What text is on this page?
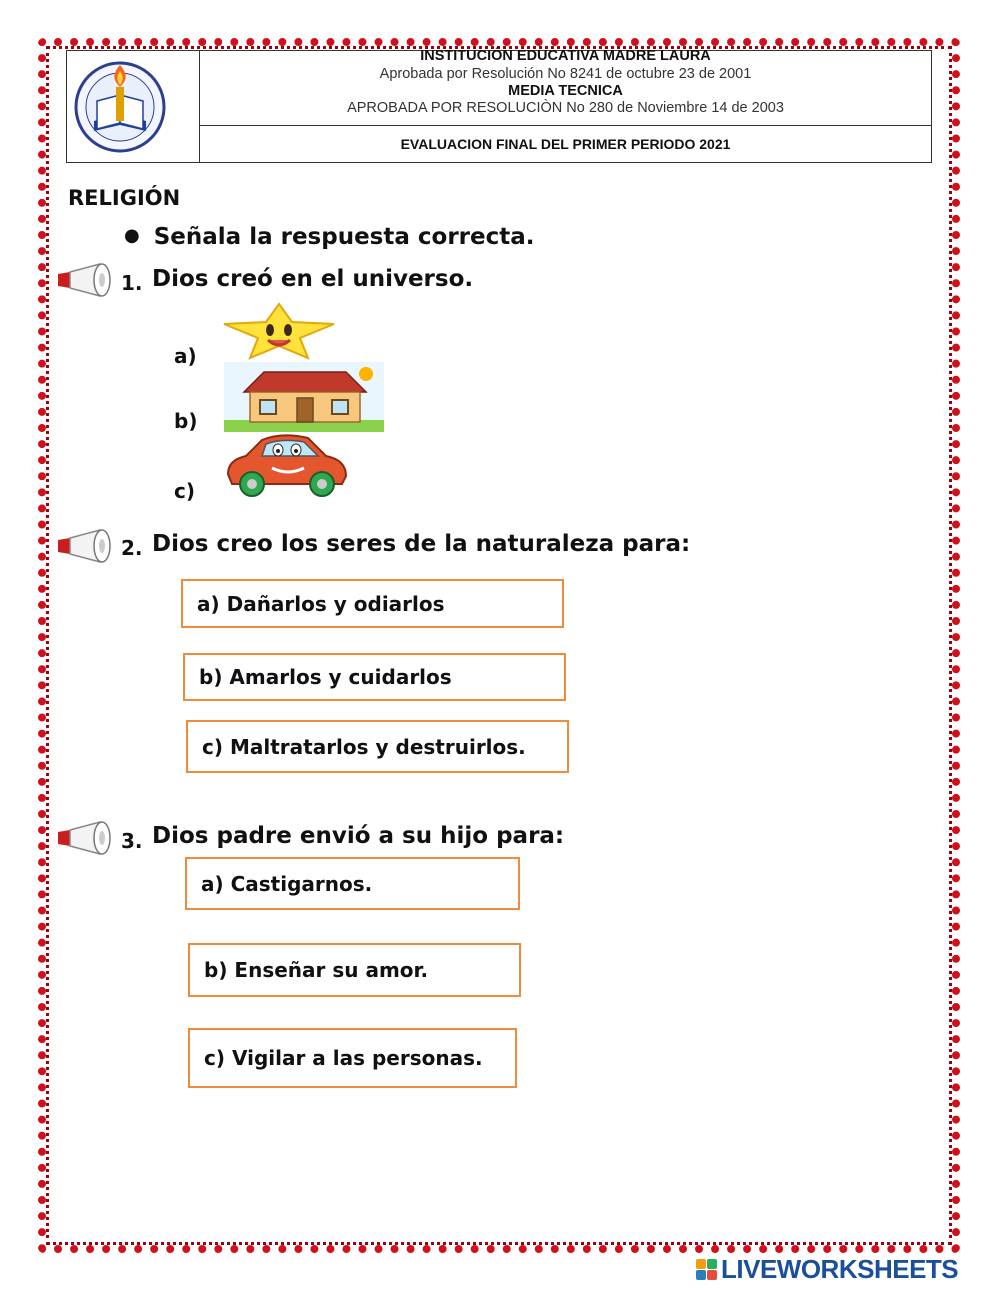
INSTITUCIÓN EDUCATIVA MADRE LAURA
Aprobada por Resolución No 8241 de octubre 23 de 2001
MEDIA TECNICA
APROBADA POR RESOLUCIÒN No 280 de Noviembre 14 de 2003
EVALUACION FINAL DEL PRIMER PERIODO 2021
RELIGIÓN
● Señala la respuesta correcta.
1. Dios creó en el universo.
a)
b)
c)
2. Dios creo los seres de la naturaleza para:
a) Dañarlos y odiarlos
b) Amarlos y cuidarlos
c) Maltratarlos y destruirlos.
3. Dios padre envió a su hijo para:
a) Castigarnos.
b) Enseñar su amor.
c) Vigilar a las personas.
LIVEWORKSHEETS
